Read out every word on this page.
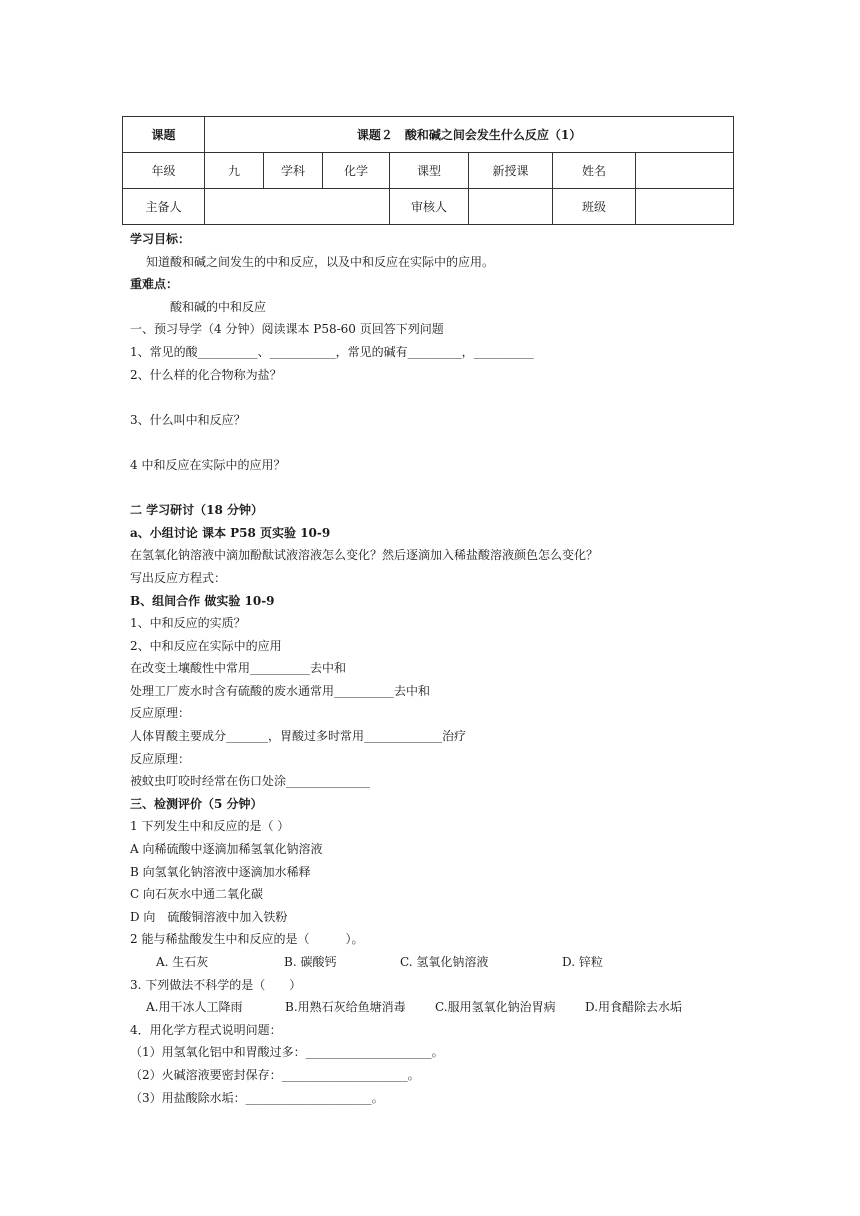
课题	课题２　酸和碱之间会发生什么反应（1）						
年级	九	学科	化学	课型	新授课	姓名	
主备人				审核人		班级	
学习目标：
知道酸和碱之间发生的中和反应，以及中和反应在实际中的应用。
重难点：
酸和碱的中和反应
一、预习导学（4 分钟）阅读课本 P58-60 页回答下列问题
1、常见的酸__________、___________，常见的碱有_________，__________
2、什么样的化合物称为盐？
3、什么叫中和反应？
4 中和反应在实际中的应用？
二 学习研讨（18 分钟）
a、小组讨论 课本 P58 页实验 10-9
在氢氧化钠溶液中滴加酚酞试液溶液怎么变化？然后逐滴加入稀盐酸溶液颜色怎么变化？
写出反应方程式：
B、组间合作 做实验 10-9
1、中和反应的实质？
2、中和反应在实际中的应用
在改变土壤酸性中常用__________去中和
处理工厂废水时含有硫酸的废水通常用__________去中和
反应原理：
人体胃酸主要成分_______，胃酸过多时常用_____________治疗
反应原理：
被蚊虫叮咬时经常在伤口处涂______________
三、检测评价（5 分钟）
1 下列发生中和反应的是（ ）
A 向稀硫酸中逐滴加稀氢氧化钠溶液
B 向氢氧化钠溶液中逐滴加水稀释
C 向石灰水中通二氧化碳
D 向　硫酸铜溶液中加入铁粉
2 能与稀盐酸发生中和反应的是（　　　）。
A. 生石灰	B. 碳酸钙	C. 氢氧化钠溶液	D. 锌粒
3. 下列做法不科学的是（　　）
A.用干冰人工降雨	B.用熟石灰给鱼塘消毒 C.服用氢氧化钠治胃病 D.用食醋除去水垢
4．用化学方程式说明问题：
（1）用氢氧化铝中和胃酸过多：_____________________。
（2）火碱溶液要密封保存：_____________________。
（3）用盐酸除水垢：_____________________。
